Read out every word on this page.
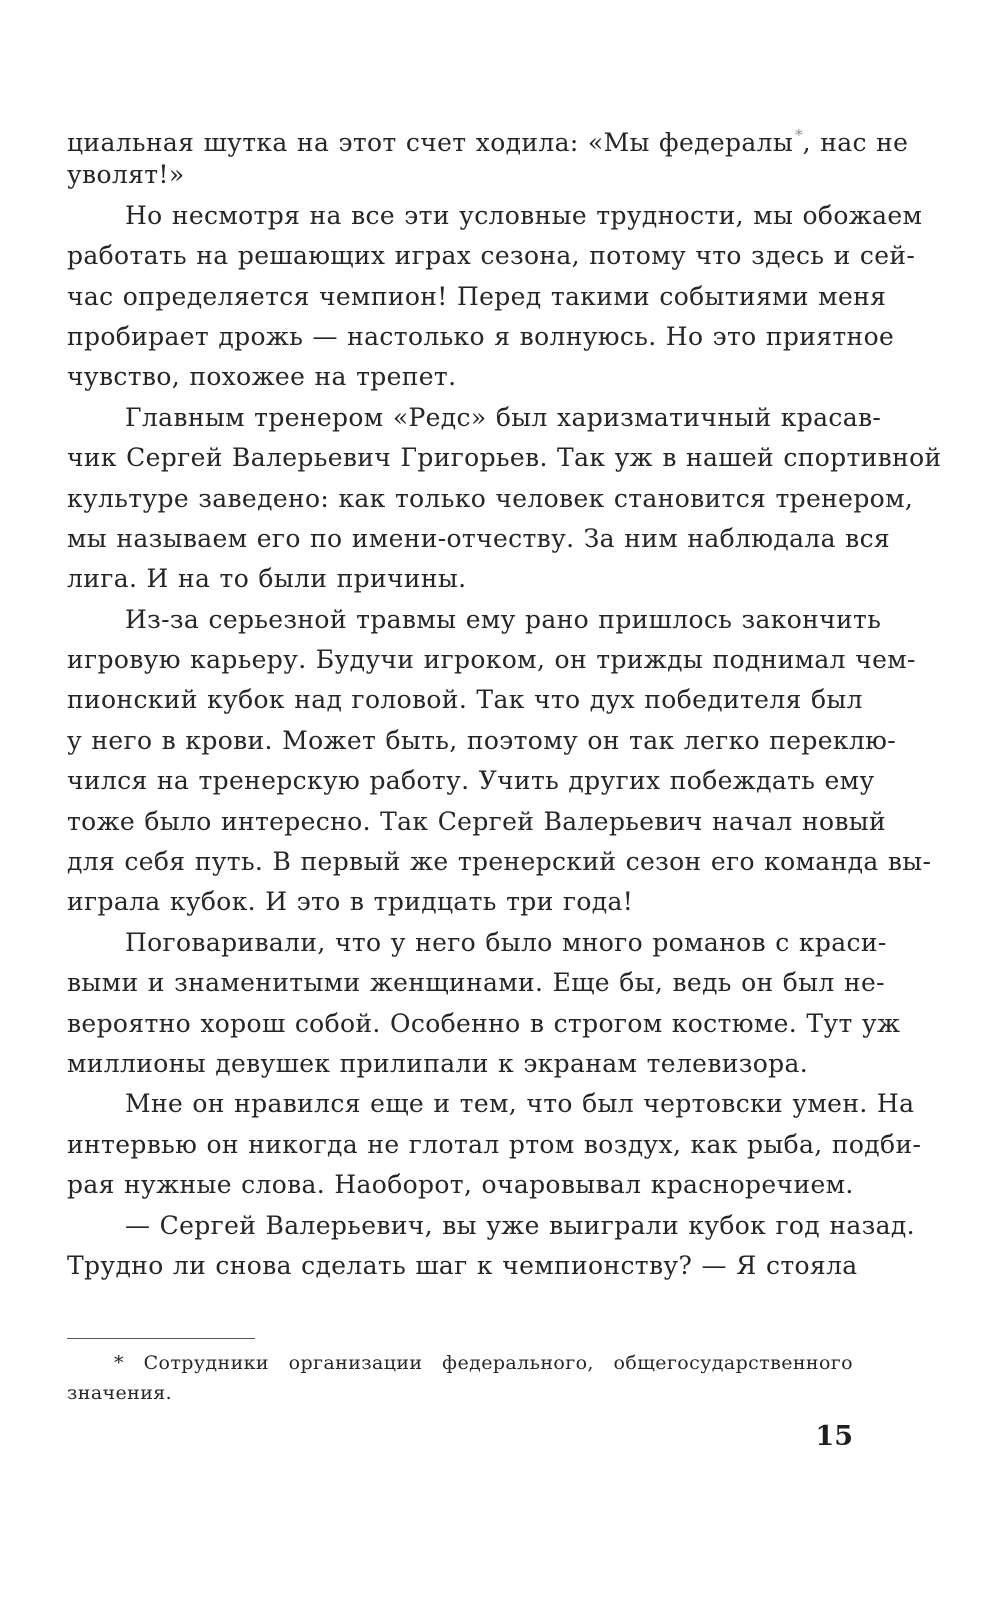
циальная шутка на этот счет ходила: «Мы федералы *, нас не
уволят!»
Но несмотря на все эти условные трудности, мы обожаем
работать на решающих играх сезона, потому что здесь и сей-
час определяется чемпион! Перед такими событиями меня
пробирает дрожь — настолько я волнуюсь. Но это приятное
чувство, похожее на трепет.
Главным тренером «Редс» был харизматичный красав-
чик Сергей Валерьевич Григорьев. Так уж в нашей спортивной
культуре заведено: как только человек становится тренером,
мы называем его по имени-отчеству. За ним наблюдала вся
лига. И на то были причины.
Из-за серьезной травмы ему рано пришлось закончить
игровую карьеру. Будучи игроком, он трижды поднимал чем-
пионский кубок над головой. Так что дух победителя был
у него в крови. Может быть, поэтому он так легко переклю-
чился на тренерскую работу. Учить других побеждать ему
тоже было интересно. Так Сергей Валерьевич начал новый
для себя путь. В первый же тренерский сезон его команда вы-
играла кубок. И это в тридцать три года!
Поговаривали, что у него было много романов с краси-
выми и знаменитыми женщинами. Еще бы, ведь он был не-
вероятно хорош собой. Особенно в строгом костюме. Тут уж
миллионы девушек прилипали к экранам телевизора.
Мне он нравился еще и тем, что был чертовски умен. На
интервью он никогда не глотал ртом воздух, как рыба, подби-
рая нужные слова. Наоборот, очаровывал красноречием.
— Сергей Валерьевич, вы уже выиграли кубок год назад.
Трудно ли снова сделать шаг к чемпионству? — Я стояла
* Сотрудники организации федерального, общегосударственного
значения.
15
